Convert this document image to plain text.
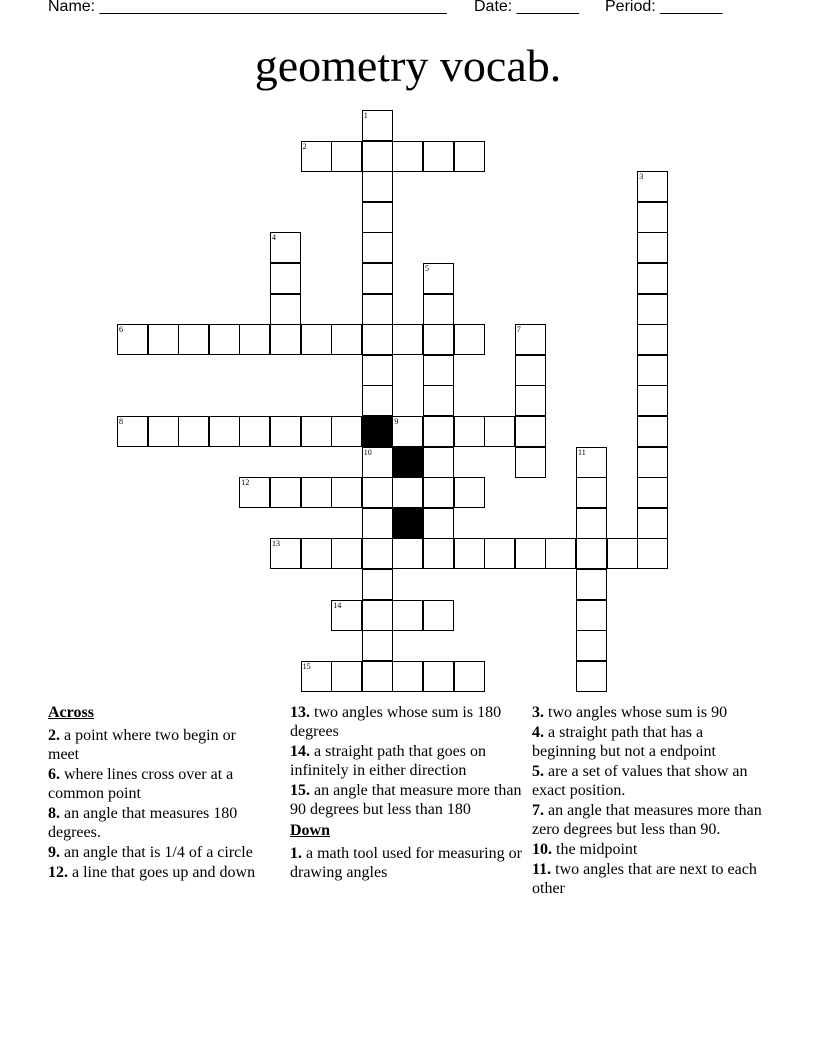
Name: _______________________________________ Date: _______ Period: _______
geometry vocab.
1
2
3
4
5
6	7
8	9
10	11
12
13
14
15
Across
2. a point where two begin or meet
6. where lines cross over at a common point
8. an angle that measures 180 degrees.
9. an angle that is 1/4 of a circle
12. a line that goes up and down
13. two angles whose sum is 180 degrees
14. a straight path that goes on infinitely in either direction
15. an angle that measure more than 90 degrees but less than 180
Down
1. a math tool used for measuring or drawing angles
3. two angles whose sum is 90
4. a straight path that has a beginning but not a endpoint
5. are a set of values that show an exact position.
7. an angle that measures more than zero degrees but less than 90.
10. the midpoint
11. two angles that are next to each other
